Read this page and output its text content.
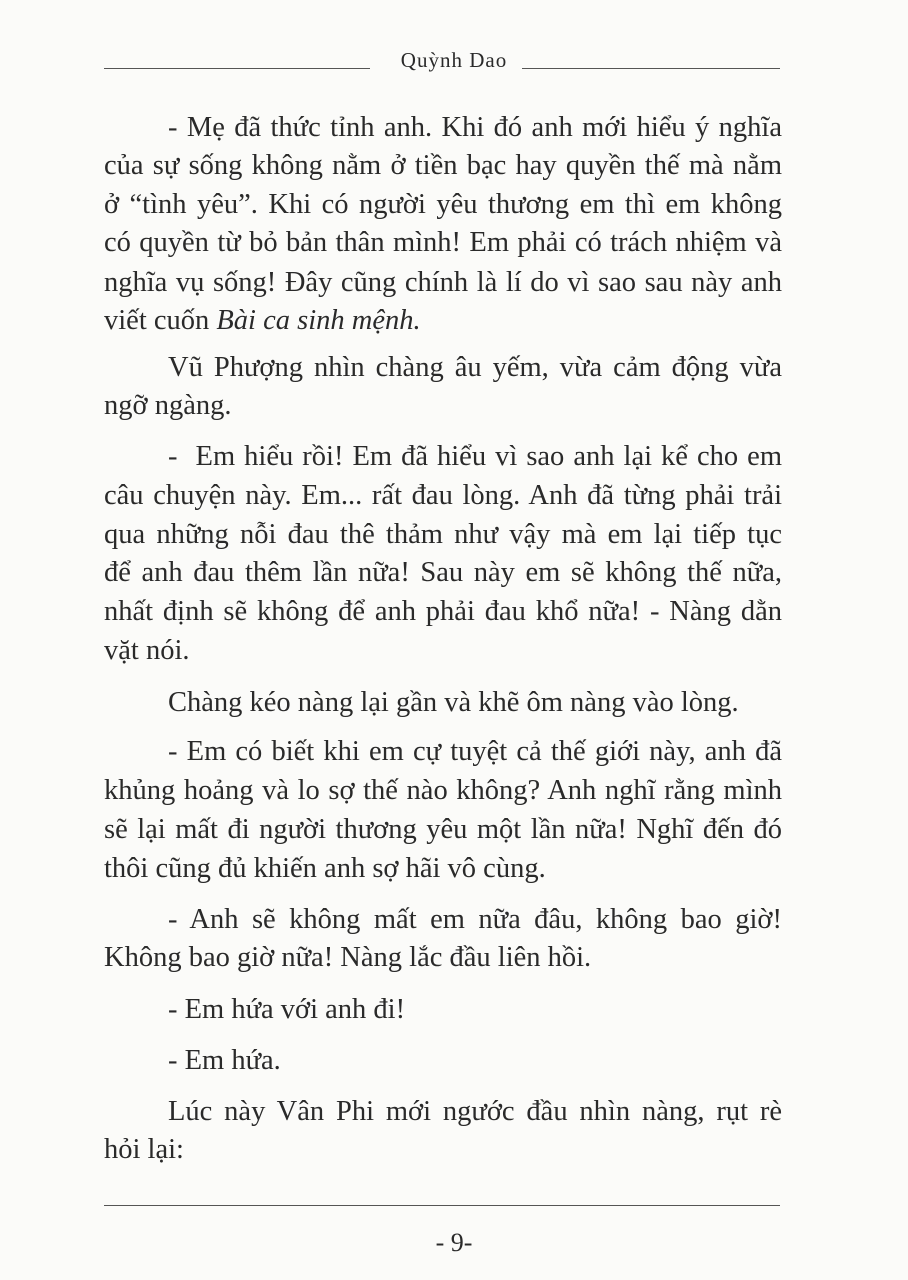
Quỳnh Dao
- Mẹ đã thức tỉnh anh. Khi đó anh mới hiểu ý nghĩa
của sự sống không nằm ở tiền bạc hay quyền thế mà nằm
ở “tình yêu”. Khi có người yêu thương em thì em không
có quyền từ bỏ bản thân mình! Em phải có trách nhiệm và
nghĩa vụ sống! Đây cũng chính là lí do vì sao sau này anh
viết cuốn Bài ca sinh mệnh.
Vũ Phượng nhìn chàng âu yếm, vừa cảm động vừa
ngỡ ngàng.
-  Em hiểu rồi! Em đã hiểu vì sao anh lại kể cho em
câu chuyện này. Em... rất đau lòng. Anh đã từng phải trải
qua những nỗi đau thê thảm như vậy mà em lại tiếp tục
để anh đau thêm lần nữa! Sau này em sẽ không thế nữa,
nhất định sẽ không để anh phải đau khổ nữa! - Nàng dằn
vặt nói.
Chàng kéo nàng lại gần và khẽ ôm nàng vào lòng.
- Em có biết khi em cự tuyệt cả thế giới này, anh đã
khủng hoảng và lo sợ thế nào không? Anh nghĩ rằng mình
sẽ lại mất đi người thương yêu một lần nữa! Nghĩ đến đó
thôi cũng đủ khiến anh sợ hãi vô cùng.
- Anh sẽ không mất em nữa đâu, không bao giờ!
Không bao giờ nữa! Nàng lắc đầu liên hồi.
- Em hứa với anh đi!
- Em hứa.
Lúc này Vân Phi mới ngước đầu nhìn nàng, rụt rè
hỏi lại:
- 9-
